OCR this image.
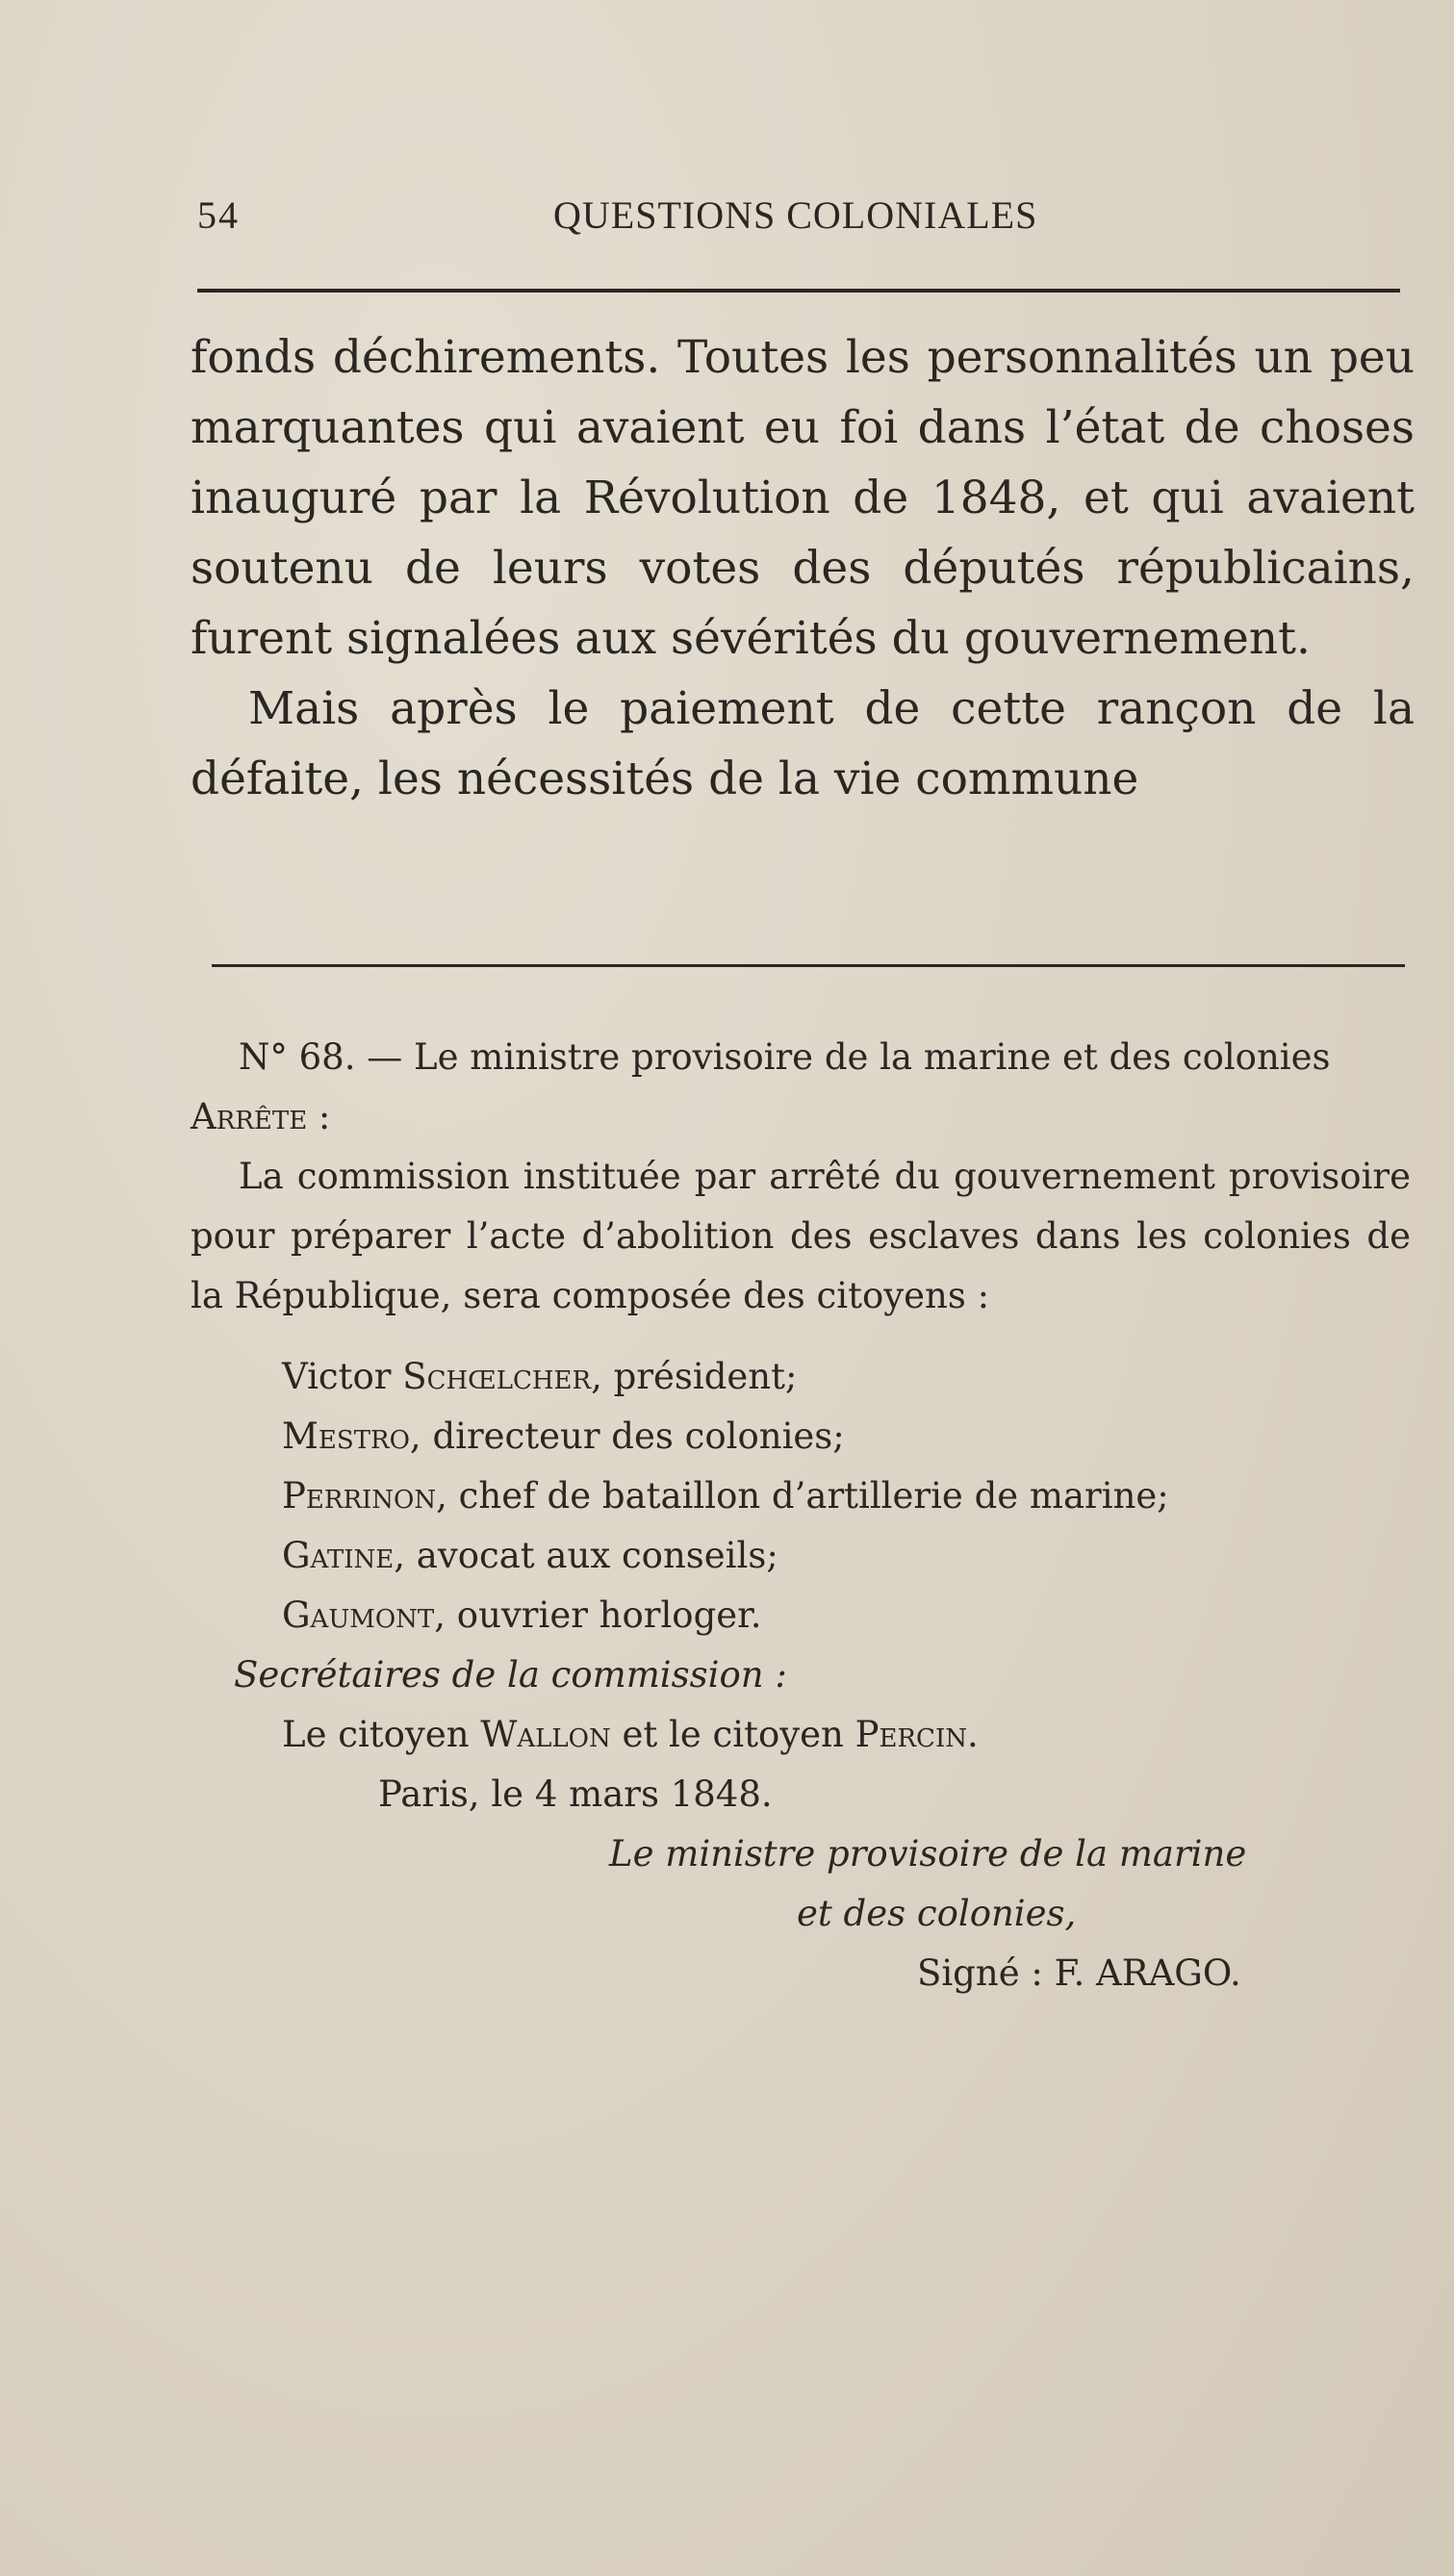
54	QUESTIONS COLONIALES

fonds déchirements. Toutes les personnalités un peu marquantes qui avaient eu foi dans l’état de choses inauguré par la Révolution de 1848, et qui avaient soutenu de leurs votes des députés républicains, furent signalées aux sévérités du gouvernement.

Mais après le paiement de cette rançon de la défaite, les nécessités de la vie commune

N° 68. — Le ministre provisoire de la marine et des colonies

Arrête :

La commission instituée par arrêté du gouvernement provisoire pour préparer l’acte d’abolition des esclaves dans les colonies de la République, sera composée des citoyens :

Victor Schœlcher, président;

Mestro, directeur des colonies;

Perrinon, chef de bataillon d’artillerie de marine;

Gatine, avocat aux conseils;

Gaumont, ouvrier horloger.

Secrétaires de la commission :

Le citoyen Wallon et le citoyen Percin.

Paris, le 4 mars 1848.

Le ministre provisoire de la marine

et des colonies,

Signé : F. ARAGO.
